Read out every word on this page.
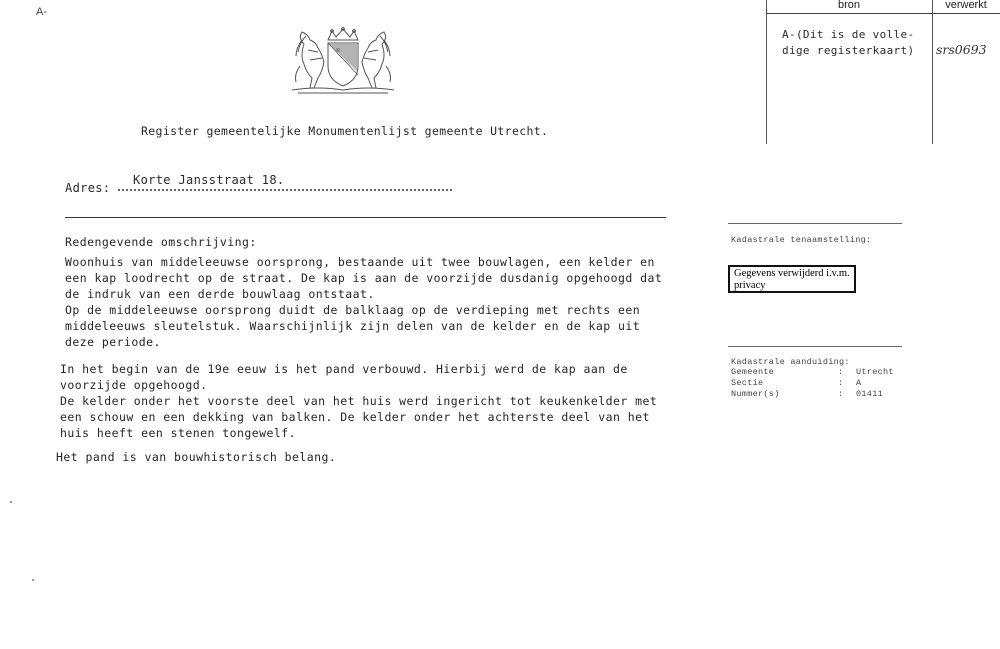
A-
bron	verwerkt
A-(Dit is de volle-
dige registerkaart) srs0693
Register gemeentelijke Monumentenlijst gemeente Utrecht.
Adres:
Korte Jansstraat 18.
Redengevende omschrijving:
Woonhuis van middeleeuwse oorsprong, bestaande uit twee bouwlagen, een kelder en
een kap loodrecht op de straat. De kap is aan de voorzijde dusdanig opgehoogd dat
de indruk van een derde bouwlaag ontstaat.
Op de middeleeuwse oorsprong duidt de balklaag op de verdieping met rechts een
middeleeuws sleutelstuk. Waarschijnlijk zijn delen van de kelder en de kap uit
deze periode.
In het begin van de 19e eeuw is het pand verbouwd. Hierbij werd de kap aan de
voorzijde opgehoogd.
De kelder onder het voorste deel van het huis werd ingericht tot keukenkelder met
een schouw en een dekking van balken. De kelder onder het achterste deel van het
huis heeft een stenen tongewelf.
Het pand is van bouwhistorisch belang.
Kadastrale tenaamstelling:
Gegevens verwijderd i.v.m. privacy
Kadastrale aanduiding:
Gemeente	: Utrecht
Sectie	: A
Nummer(s)	: 01411
